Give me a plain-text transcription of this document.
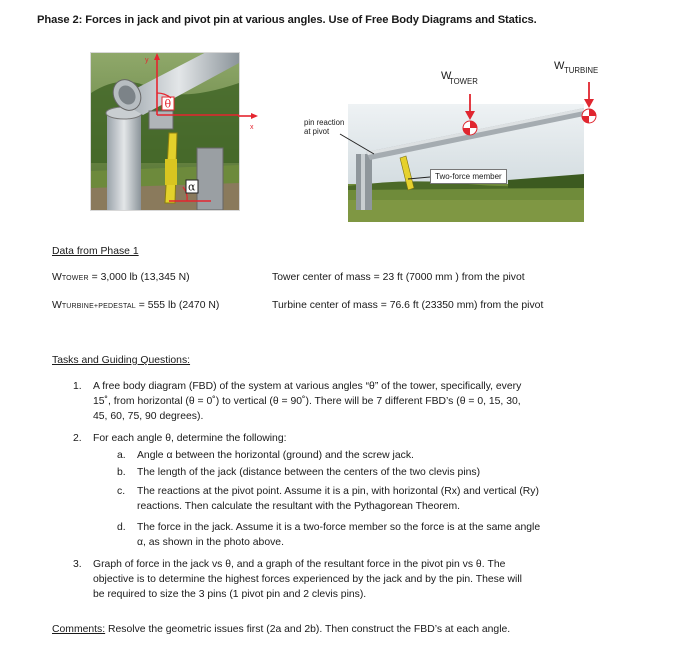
Phase 2: Forces in jack and pivot pin at various angles. Use of Free Body Diagrams and Statics.
θ
α
y
x
W
TOWER
W TURBINE
pin reaction
at pivot
Two-force member
Data from Phase 1
WTOWER = 3,000 lb (13,345 N)
WTURBINE+PEDESTAL = 555 lb (2470 N)
Tower center of mass = 23 ft (7000 mm ) from the pivot
Turbine center of mass = 76.6 ft (23350 mm) from the pivot
Tasks and Guiding Questions:
1. A free body diagram (FBD) of the system at various angles “θ” of the tower, specifically, every
15˚, from horizontal (θ = 0˚) to vertical (θ = 90˚). There will be 7 different FBD’s (θ = 0, 15, 30,
45, 60, 75, 90 degrees).
2. For each angle θ, determine the following:
a. Angle α between the horizontal (ground) and the screw jack.
b. The length of the jack (distance between the centers of the two clevis pins)
c. The reactions at the pivot point. Assume it is a pin, with horizontal (Rx) and vertical (Ry)
reactions. Then calculate the resultant with the Pythagorean Theorem.
d. The force in the jack. Assume it is a two-force member so the force is at the same angle
α, as shown in the photo above.
3. Graph of force in the jack vs θ, and a graph of the resultant force in the pivot pin vs θ. The
objective is to determine the highest forces experienced by the jack and by the pin. These will
be required to size the 3 pins (1 pivot pin and 2 clevis pins).
Comments: Resolve the geometric issues first (2a and 2b). Then construct the FBD’s at each angle.
